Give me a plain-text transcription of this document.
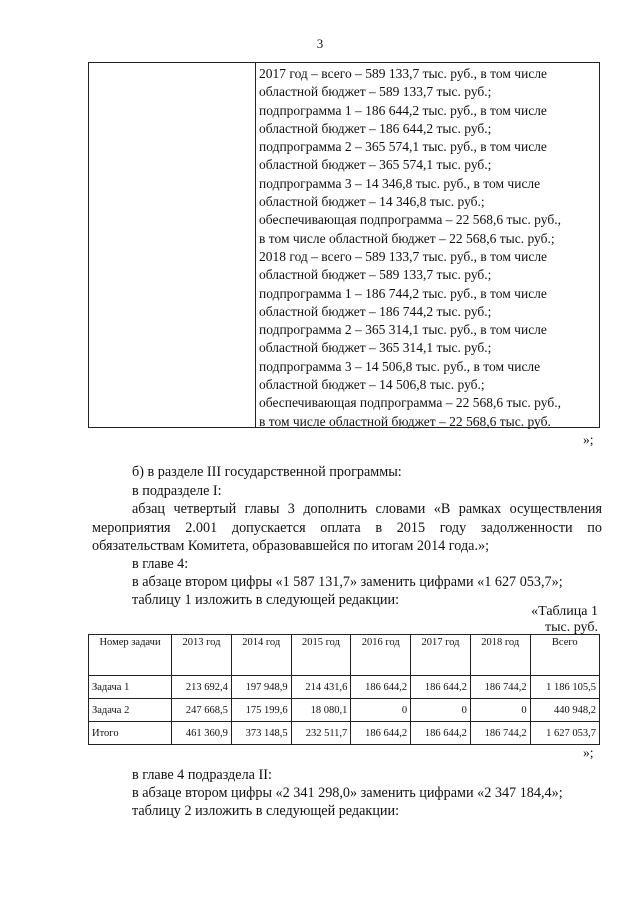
3
2017 год – всего – 589 133,7 тыс. руб., в том числе
областной бюджет – 589 133,7 тыс. руб.;
подпрограмма 1 – 186 644,2 тыс. руб., в том числе
областной бюджет – 186 644,2 тыс. руб.;
подпрограмма 2 – 365 574,1 тыс. руб., в том числе
областной бюджет – 365 574,1 тыс. руб.;
подпрограмма 3 – 14 346,8 тыс. руб., в том числе
областной бюджет – 14 346,8 тыс. руб.;
обеспечивающая подпрограмма – 22 568,6 тыс. руб.,
в том числе областной бюджет – 22 568,6 тыс. руб.;
2018 год – всего – 589 133,7 тыс. руб., в том числе
областной бюджет – 589 133,7 тыс. руб.;
подпрограмма 1 – 186 744,2 тыс. руб., в том числе
областной бюджет – 186 744,2 тыс. руб.;
подпрограмма 2 – 365 314,1 тыс. руб., в том числе
областной бюджет – 365 314,1 тыс. руб.;
подпрограмма 3 – 14 506,8 тыс. руб., в том числе
областной бюджет – 14 506,8 тыс. руб.;
обеспечивающая подпрограмма – 22 568,6 тыс. руб.,
в том числе областной бюджет – 22 568,6 тыс. руб.
»;
б) в разделе III государственной программы:
в подразделе I:
абзац четвертый главы 3 дополнить словами «В рамках осуществления мероприятия 2.001 допускается оплата в 2015 году задолженности по обязательствам Комитета, образовавшейся по итогам 2014 года.»;
в главе 4:
в абзаце втором цифры «1 587 131,7» заменить цифрами «1 627 053,7»;
таблицу 1 изложить в следующей редакции:
«Таблица 1
тыс. руб.
Номер задачи	2013 год	2014 год	2015 год	2016 год	2017 год	2018 год	Всего
Задача 1	213 692,4	197 948,9	214 431,6	186 644,2	186 644,2	186 744,2	1 186 105,5
Задача 2	247 668,5	175 199,6	18 080,1	0	0	0	440 948,2
Итого	461 360,9	373 148,5	232 511,7	186 644,2	186 644,2	186 744,2	1 627 053,7
»;
в главе 4 подраздела II:
в абзаце втором цифры «2 341 298,0» заменить цифрами «2 347 184,4»;
таблицу 2 изложить в следующей редакции:
